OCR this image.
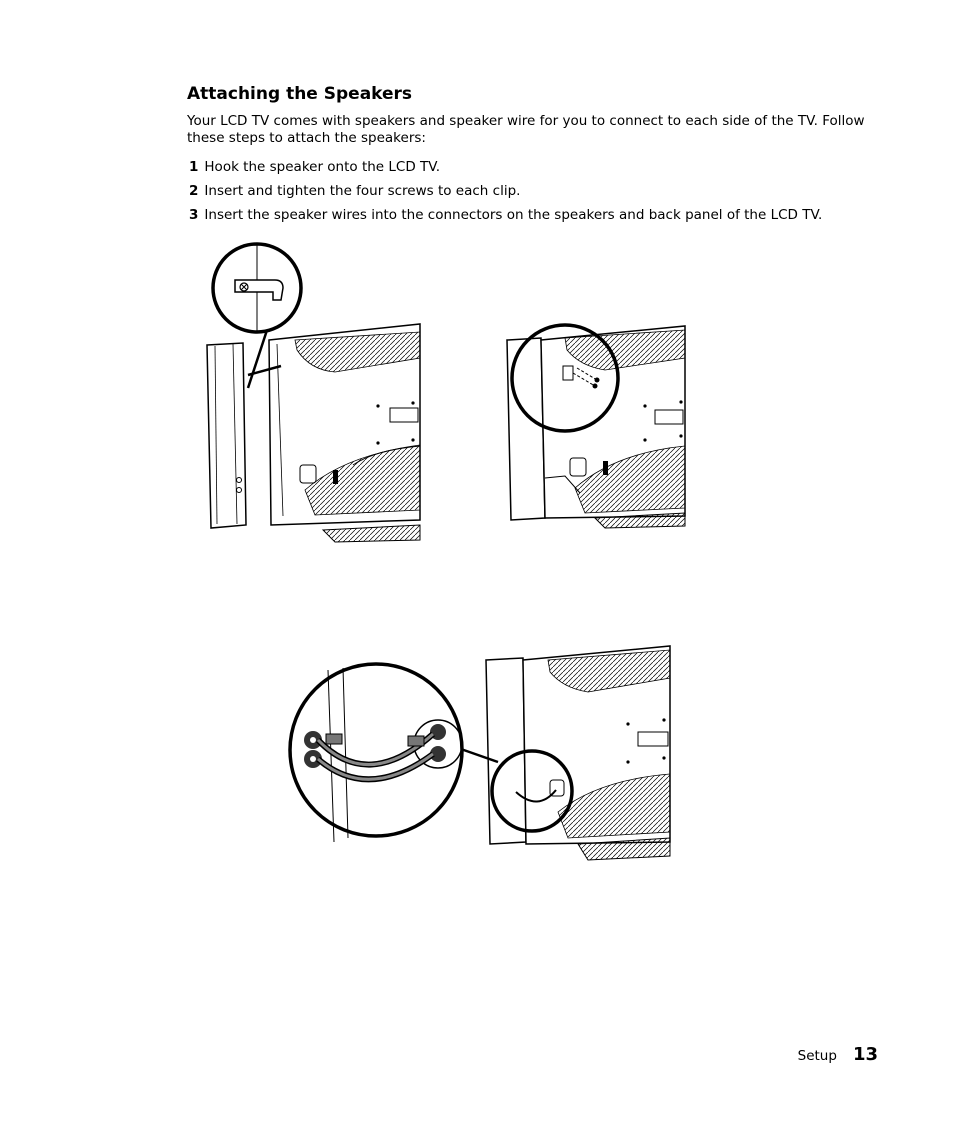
Attaching the Speakers

Your LCD TV comes with speakers and speaker wire for you to connect to each side of the TV. Follow these steps to attach the speakers:

1 Hook the speaker onto the LCD TV.
2 Insert and tighten the four screws to each clip.
3 Insert the speaker wires into the connectors on the speakers and back panel of the LCD TV.
Setup 13
